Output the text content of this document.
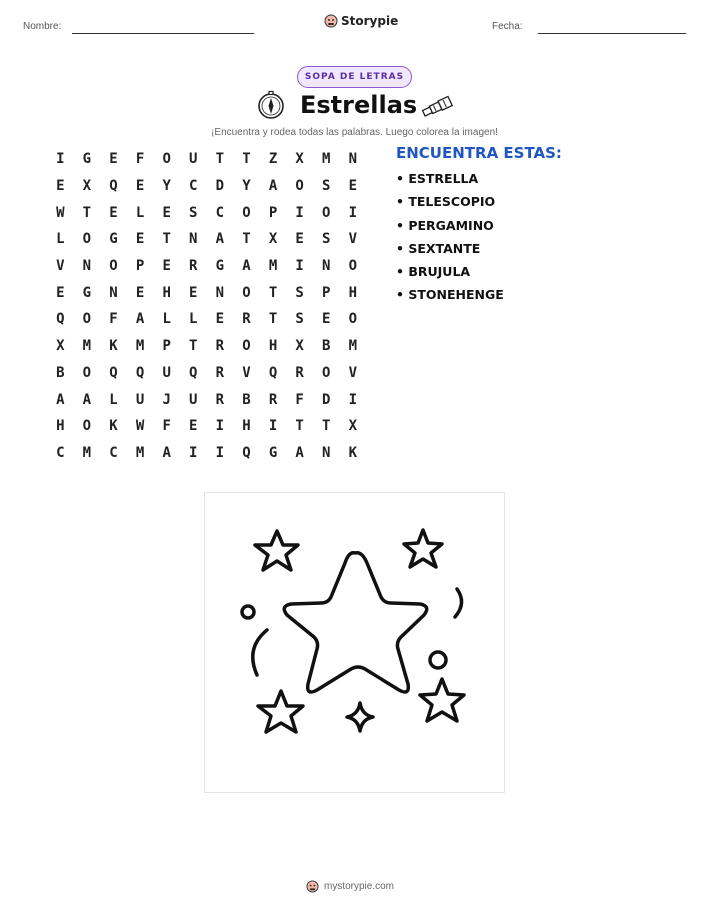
Nombre:	Storypie	Fecha:
SOPA DE LETRAS
Estrellas
¡Encuentra y rodea todas las palabras. Luego colorea la imagen!
I	G	E	F	O	U	T	T	Z	X	M	N
E	X	Q	E	Y	C	D	Y	A	O	S	E
W	T	E	L	E	S	C	O	P	I	O	I
L	O	G	E	T	N	A	T	X	E	S	V
V	N	O	P	E	R	G	A	M	I	N	O
E	G	N	E	H	E	N	O	T	S	P	H
Q	O	F	A	L	L	E	R	T	S	E	O
X	M	K	M	P	T	R	O	H	X	B	M
B	O	Q	Q	U	Q	R	V	Q	R	O	V
A	A	L	U	J	U	R	B	R	F	D	I
H	O	K	W	F	E	I	H	I	T	T	X
C	M	C	M	A	I	I	Q	G	A	N	K
ENCUENTRA ESTAS:
• ESTRELLA
• TELESCOPIO
• PERGAMINO
• SEXTANTE
• BRUJULA
• STONEHENGE
mystorypie.com
